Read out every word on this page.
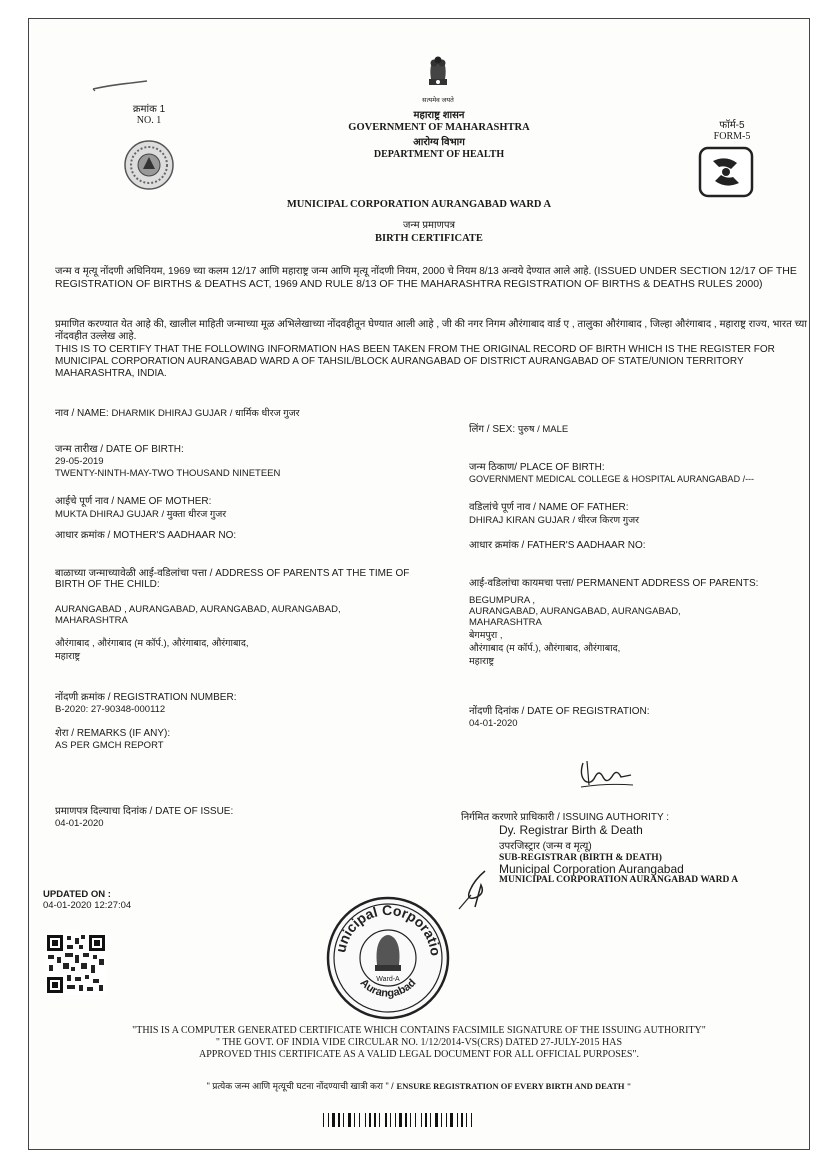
क्रमांक 1
NO. 1
सत्यमेव जयते
महाराष्ट्र शासन
GOVERNMENT OF MAHARASHTRA
आरोग्य विभाग
DEPARTMENT OF HEALTH
फॉर्म-5
FORM-5
MUNICIPAL CORPORATION AURANGABAD WARD A
जन्म प्रमाणपत्र
BIRTH CERTIFICATE
जन्म व मृत्यू नोंदणी अधिनियम, 1969 च्या कलम 12/17 आणि महाराष्ट्र जन्म आणि मृत्यू नोंदणी नियम, 2000 चे नियम 8/13 अन्वये देण्यात आले आहे. (ISSUED UNDER SECTION 12/17 OF THE REGISTRATION OF BIRTHS & DEATHS ACT, 1969 AND RULE 8/13 OF THE MAHARASHTRA REGISTRATION OF BIRTHS & DEATHS RULES 2000)
प्रमाणित करण्यात येत आहे की, खालील माहिती जन्माच्या मूळ अभिलेखाच्या नोंदवहीतून घेण्यात आली आहे , जी की नगर निगम औरंगाबाद वार्ड ए , तालुका औरंगाबाद , जिल्हा औरंगाबाद , महाराष्ट्र राज्य, भारत च्या नोंदवहीत उल्लेख आहे.
THIS IS TO CERTIFY THAT THE FOLLOWING INFORMATION HAS BEEN TAKEN FROM THE ORIGINAL RECORD OF BIRTH WHICH IS THE REGISTER FOR MUNICIPAL CORPORATION AURANGABAD WARD A OF TAHSIL/BLOCK AURANGABAD OF DISTRICT AURANGABAD OF STATE/UNION TERRITORY MAHARASHTRA, INDIA.
नाव / NAME: DHARMIK DHIRAJ GUJAR / धार्मिक धीरज गुजर
जन्म तारीख / DATE OF BIRTH:
29-05-2019
TWENTY-NINTH-MAY-TWO THOUSAND NINETEEN
आईचे पूर्ण नाव / NAME OF MOTHER:
MUKTA DHIRAJ GUJAR / मुक्ता धीरज गुजर
आधार क्रमांक / MOTHER'S AADHAAR NO:
बाळाच्या जन्माच्यावेळी आई-वडिलांचा पत्ता / ADDRESS OF PARENTS AT THE TIME OF
BIRTH OF THE CHILD:
AURANGABAD , AURANGABAD, AURANGABAD, AURANGABAD,
MAHARASHTRA
औरंगाबाद , औरंगाबाद (म कॉर्प.), औरंगाबाद, औरंगाबाद,
महाराष्ट्र
नोंदणी क्रमांक / REGISTRATION NUMBER:
B-2020: 27-90348-000112
शेरा / REMARKS (IF ANY):
AS PER GMCH REPORT
प्रमाणपत्र दिल्याचा दिनांक / DATE OF ISSUE:
04-01-2020
लिंग / SEX: पुरुष / MALE
जन्म ठिकाण/ PLACE OF BIRTH:
GOVERNMENT MEDICAL COLLEGE & HOSPITAL AURANGABAD /---
वडिलांचे पूर्ण नाव / NAME OF FATHER:
DHIRAJ KIRAN GUJAR / धीरज किरण गुजर
आधार क्रमांक / FATHER'S AADHAAR NO:
आई-वडिलांचा कायमचा पत्ता/ PERMANENT ADDRESS OF PARENTS:
BEGUMPURA ,
AURANGABAD, AURANGABAD, AURANGABAD,
MAHARASHTRA
बेगमपुरा ,
औरंगाबाद (म कॉर्प.), औरंगाबाद, औरंगाबाद,
महाराष्ट्र
नोंदणी दिनांक / DATE OF REGISTRATION:
04-01-2020
निर्गमित करणारे प्राधिकारी / ISSUING AUTHORITY :
Dy. Registrar Birth & Death
उपरजिस्ट्रार (जन्म व मृत्यू)
SUB-REGISTRAR (BIRTH & DEATH)
Municipal Corporation Aurangabad
MUNICIPAL CORPORATION AURANGABAD WARD A
UPDATED ON :
04-01-2020 12:27:04
Municipal Corporation
Aurangabad
Ward-A
"THIS IS A COMPUTER GENERATED CERTIFICATE WHICH CONTAINS FACSIMILE SIGNATURE OF THE ISSUING AUTHORITY"
" THE GOVT. OF INDIA VIDE CIRCULAR NO. 1/12/2014-VS(CRS) DATED 27-JULY-2015 HAS
APPROVED THIS CERTIFICATE AS A VALID LEGAL DOCUMENT FOR ALL OFFICIAL PURPOSES".
" प्रत्येक जन्म आणि मृत्यूची घटना नोंदण्याची खात्री करा " / ENSURE REGISTRATION OF EVERY BIRTH AND DEATH "
